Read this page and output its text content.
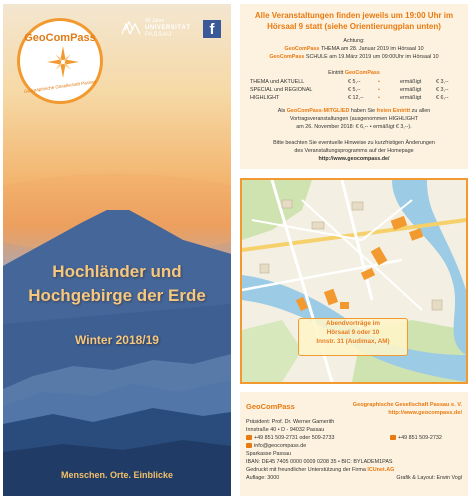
GeoComPass
Geographische Gesellschaft Passau
40 Jahre
UNIVERSITÄT
PASSAU	f
Hochländer und
Hochgebirge der Erde
Winter 2018/19
Menschen. Orte. Einblicke
Alle Veranstaltungen finden jeweils um 19:00 Uhr im
Hörsaal 9 statt (siehe Orientierungplan unten)
Achtung:
GeoComPass THEMA am 28. Januar 2019 im Hörsaal 10
GeoComPass SCHULE am 19.März 2019 um 09:00Uhr im Hörsaal 10
Eintritt GeoComPass
THEMA und AKTUELL	€ 5,--	•	ermäßigt	€ 3,--
SPECIAL und REGIONAL	€ 5,--	•	ermäßigt	€ 3,--
HIGHLIGHT	€ 12,--	•	ermäßigt	€ 6,--
Als GeoComPass-MITGLIED haben Sie freien Eintritt zu allen
Vortragsveranstaltungen (ausgenommen HIGHLIGHT
am 26. November 2018: € 6,-- • ermäßigt € 3,--).
Bitte beachten Sie eventuelle Hinweise zu kurzfristigen Änderungen
des Veranstaltungsprogramms auf der Homepage
http://www.geocompass.de/
Abendvorträge im
Hörsaal 9 oder 10
Innstr. 31 (Audimax, AM)
GeoComPass	Geographische Gesellschaft Passau e. V.
http://www.geocompass.de/
Präsident: Prof. Dr. Werner Gamerith
Innstraße 40 • D - 94032 Passau
+49 851 509-2731 oder 509-2733	+49 851 509-2732
info@geocompass.de
Sparkasse Passau
IBAN: DE45 7405 0000 0009 0208 35 • BIC: BYLADEM1PAS
Gedruckt mit freundlicher Unterstützung der Firma ICUnet.AG
Auflage: 3000	Grafik & Layout: Erwin Vogl
